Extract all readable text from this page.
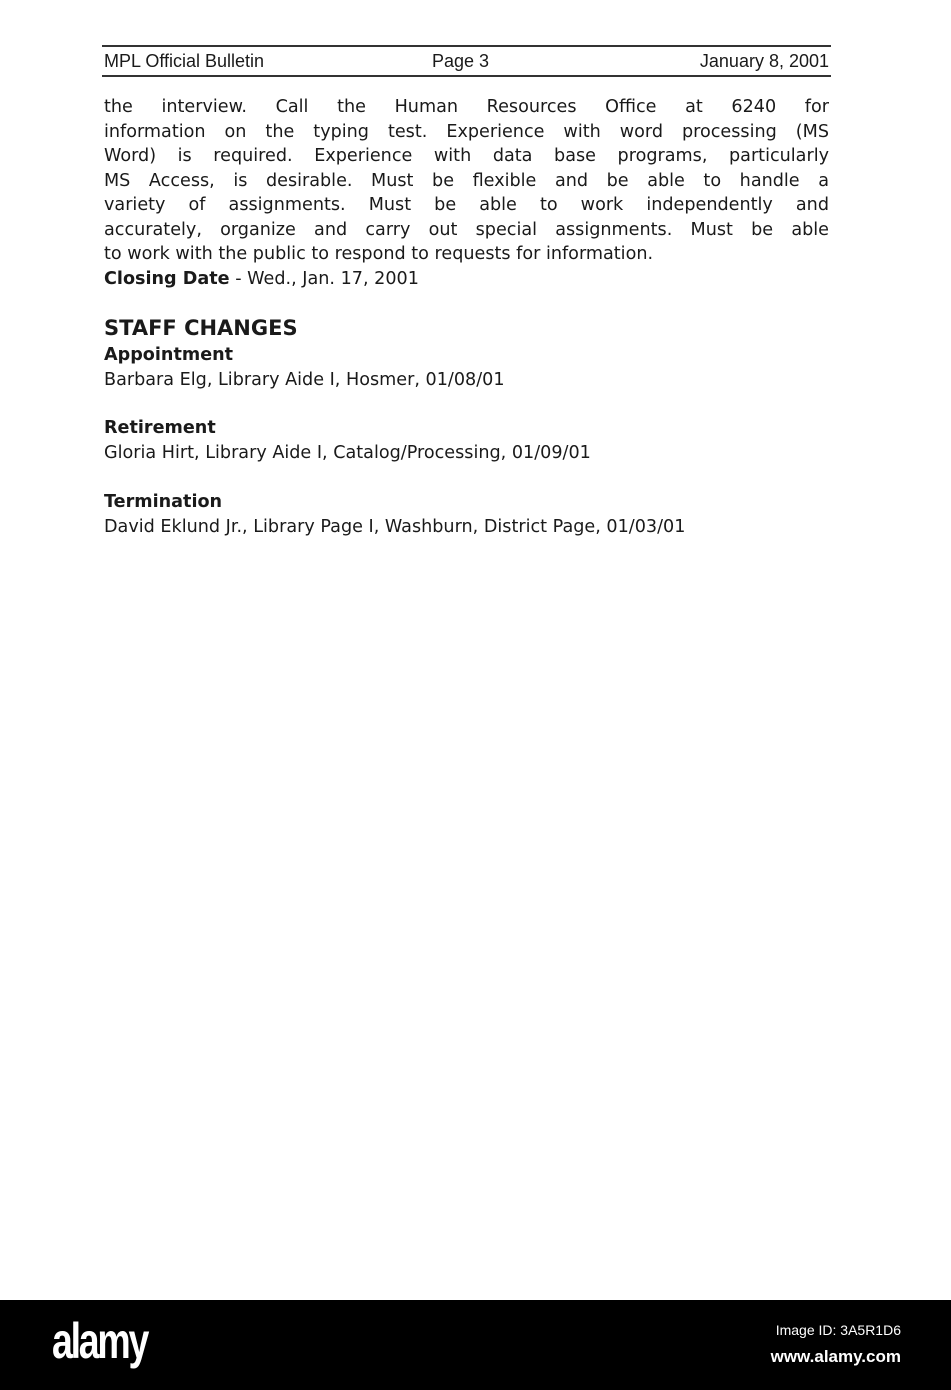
MPL Official Bulletin	Page 3	January 8, 2001
the interview. Call the Human Resources Office at 6240 for
information on the typing test. Experience with word processing (MS
Word) is required. Experience with data base programs, particularly
MS Access, is desirable. Must be flexible and be able to handle a
variety of assignments. Must be able to work independently and
accurately, organize and carry out special assignments. Must be able
to work with the public to respond to requests for information.
Closing Date - Wed., Jan. 17, 2001
STAFF CHANGES
Appointment
Barbara Elg, Library Aide I, Hosmer, 01/08/01
Retirement
Gloria Hirt, Library Aide I, Catalog/Processing, 01/09/01
Termination
David Eklund Jr., Library Page I, Washburn, District Page, 01/03/01
alamy	Image ID: 3A5R1D6
www.alamy.com
